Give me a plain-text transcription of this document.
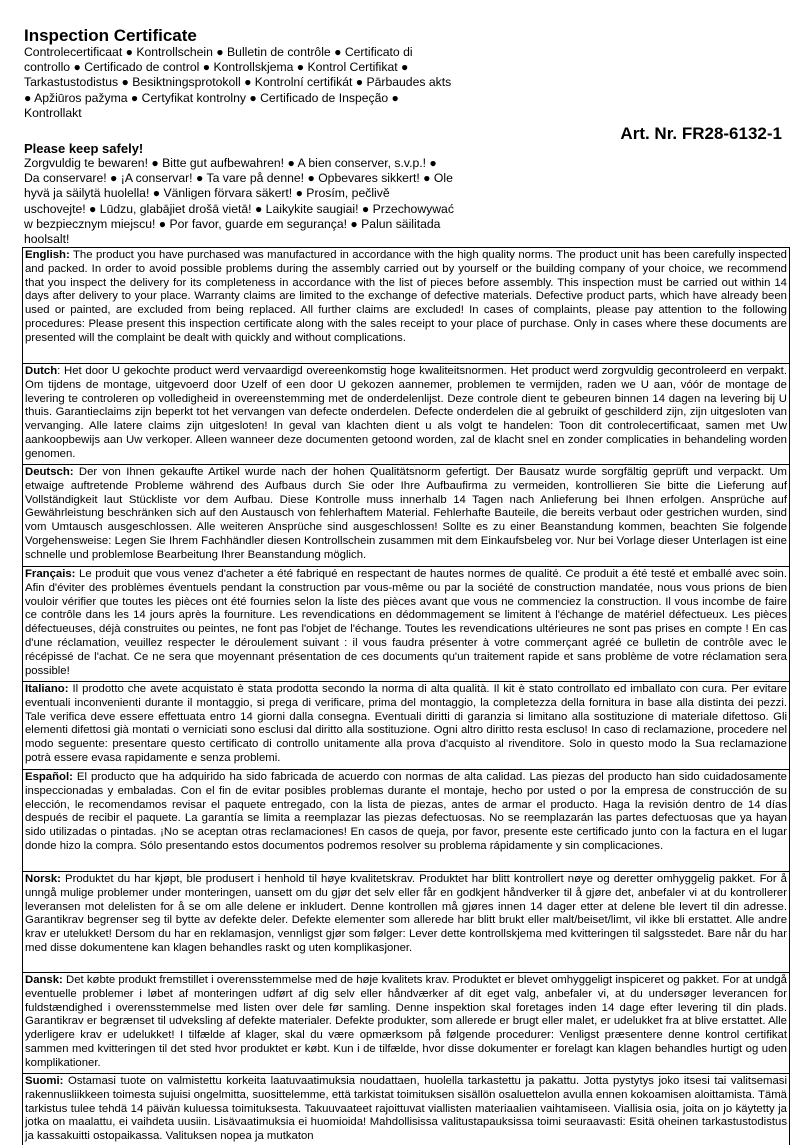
Inspection Certificate
Controlecertificaat ● Kontrollschein ● Bulletin de contrôle ● Certificato di controllo ● Certificado de control ● Kontrollskjema ● Kontrol Certifikat ● Tarkastustodistus ● Besiktningsprotokoll ● Kontrolní certifikát ● Pārbaudes akts ● Apžiūros pažyma ● Certyfikat kontrolny ● Certificado de Inspeção ● Kontrollakt
Art. Nr. FR28-6132-1
Please keep safely!
Zorgvuldig te bewaren! ● Bitte gut aufbewahren! ● A bien conserver, s.v.p.! ● Da conservare! ● ¡A conservar! ● Ta vare på denne! ● Opbevares sikkert! ● Ole hyvä ja säilytä huolella! ● Vänligen förvara säkert! ● Prosím, pečlivě uschovejte! ● Lūdzu, glabājiet drošā vietā! ● Laikykite saugiai! ● Przechowywać w bezpiecznym miejscu! ● Por favor, guarde em segurança! ● Palun säilitada hoolsalt!
English: The product you have purchased was manufactured in accordance with the high quality norms. The product unit has been carefully inspected and packed. In order to avoid possible problems during the assembly carried out by yourself or the building company of your choice, we recommend that you inspect the delivery for its completeness in accordance with the list of pieces before assembly. This inspection must be carried out within 14 days after delivery to your place. Warranty claims are limited to the exchange of defective materials. Defective product parts, which have already been used or painted, are excluded from being replaced. All further claims are excluded! In cases of complaints, please pay attention to the following procedures: Please present this inspection certificate along with the sales receipt to your place of purchase. Only in cases where these documents are presented will the complaint be dealt with quickly and without complications.
Dutch: Het door U gekochte product werd vervaardigd overeenkomstig hoge kwaliteitsnormen. Het product werd zorgvuldig gecontroleerd en verpakt. Om tijdens de montage, uitgevoerd door Uzelf of een door U gekozen aannemer, problemen te vermijden, raden we U aan, vóór de montage de levering te controleren op volledigheid in overeenstemming met de onderdelenlijst. Deze controle dient te gebeuren binnen 14 dagen na levering bij U thuis. Garantieclaims zijn beperkt tot het vervangen van defecte onderdelen. Defecte onderdelen die al gebruikt of geschilderd zijn, zijn uitgesloten van vervanging. Alle latere claims zijn uitgesloten! In geval van klachten dient u als volgt te handelen: Toon dit controlecertificaat, samen met Uw aankoopbewijs aan Uw verkoper. Alleen wanneer deze documenten getoond worden, zal de klacht snel en zonder complicaties in behandeling worden genomen.
Deutsch: Der von Ihnen gekaufte Artikel wurde nach der hohen Qualitätsnorm gefertigt. Der Bausatz wurde sorgfältig geprüft und verpackt. Um etwaige auftretende Probleme während des Aufbaus durch Sie oder Ihre Aufbaufirma zu vermeiden, kontrollieren Sie bitte die Lieferung auf Vollständigkeit laut Stückliste vor dem Aufbau. Diese Kontrolle muss innerhalb 14 Tagen nach Anlieferung bei Ihnen erfolgen. Ansprüche auf Gewährleistung beschränken sich auf den Austausch von fehlerhaftem Material. Fehlerhafte Bauteile, die bereits verbaut oder gestrichen wurden, sind vom Umtausch ausgeschlossen. Alle weiteren Ansprüche sind ausgeschlossen! Sollte es zu einer Beanstandung kommen, beachten Sie folgende Vorgehensweise: Legen Sie Ihrem Fachhändler diesen Kontrollschein zusammen mit dem Einkaufsbeleg vor. Nur bei Vorlage dieser Unterlagen ist eine schnelle und problemlose Bearbeitung Ihrer Beanstandung möglich.
Français: Le produit que vous venez d'acheter a été fabriqué en respectant de hautes normes de qualité. Ce produit a été testé et emballé avec soin. Afin d'éviter des problèmes éventuels pendant la construction par vous-même ou par la société de construction mandatée, nous vous prions de bien vouloir vérifier que toutes les pièces ont été fournies selon la liste des pièces avant que vous ne commenciez la construction. Il vous incombe de faire ce contrôle dans les 14 jours après la fourniture. Les revendications en dédommagement se limitent à l'échange de matériel défectueux. Les pièces défectueuses, déjà construites ou peintes, ne font pas l'objet de l'échange. Toutes les revendications ultérieures ne sont pas prises en compte ! En cas d'une réclamation, veuillez respecter le déroulement suivant : il vous faudra présenter à votre commerçant agréé ce bulletin de contrôle avec le récépissé de l'achat. Ce ne sera que moyennant présentation de ces documents qu'un traitement rapide et sans problème de votre réclamation sera possible!
Italiano: Il prodotto che avete acquistato è stata prodotta secondo la norma di alta qualità. Il kit è stato controllato ed imballato con cura. Per evitare eventuali inconvenienti durante il montaggio, si prega di verificare, prima del montaggio, la completezza della fornitura in base alla distinta dei pezzi. Tale verifica deve essere effettuata entro 14 giorni dalla consegna. Eventuali diritti di garanzia si limitano alla sostituzione di materiale difettoso. Gli elementi difettosi già montati o verniciati sono esclusi dal diritto alla sostituzione. Ogni altro diritto resta escluso! In caso di reclamazione, procedere nel modo seguente: presentare questo certificato di controllo unitamente alla prova d'acquisto al rivenditore. Solo in questo modo la Sua reclamazione potrà essere evasa rapidamente e senza problemi.
Español: El producto que ha adquirido ha sido fabricada de acuerdo con normas de alta calidad. Las piezas del producto han sido cuidadosamente inspeccionadas y embaladas. Con el fin de evitar posibles problemas durante el montaje, hecho por usted o por la empresa de construcción de su elección, le recomendamos revisar el paquete entregado, con la lista de piezas, antes de armar el producto. Haga la revisión dentro de 14 días después de recibir el paquete. La garantía se limita a reemplazar las piezas defectuosas. No se reemplazarán las partes defectuosas que ya hayan sido utilizadas o pintadas. ¡No se aceptan otras reclamaciones! En casos de queja, por favor, presente este certificado junto con la factura en el lugar donde hizo la compra. Sólo presentando estos documentos podremos resolver su problema rápidamente y sin complicaciones.
Norsk: Produktet du har kjøpt, ble produsert i henhold til høye kvalitetskrav. Produktet har blitt kontrollert nøye og deretter omhyggelig pakket. For å unngå mulige problemer under monteringen, uansett om du gjør det selv eller får en godkjent håndverker til å gjøre det, anbefaler vi at du kontrollerer leveransen mot delelisten for å se om alle delene er inkludert. Denne kontrollen må gjøres innen 14 dager etter at delene ble levert til din adresse. Garantikrav begrenser seg til bytte av defekte deler. Defekte elementer som allerede har blitt brukt eller malt/beiset/limt, vil ikke bli erstattet. Alle andre krav er utelukket! Dersom du har en reklamasjon, vennligst gjør som følger: Lever dette kontrollskjema med kvitteringen til salgsstedet. Bare når du har med disse dokumentene kan klagen behandles raskt og uten komplikasjoner.
Dansk: Det købte produkt fremstillet i overensstemmelse med de høje kvalitets krav. Produktet er blevet omhyggeligt inspiceret og pakket. For at undgå eventuelle problemer i løbet af monteringen udført af dig selv eller håndværker af dit eget valg, anbefaler vi, at du undersøger leverancen for fuldstændighed i overensstemmelse med listen over dele før samling. Denne inspektion skal foretages inden 14 dage efter levering til din plads. Garantikrav er begrænset til udveksling af defekte materialer. Defekte produkter, som allerede er brugt eller malet, er udelukket fra at blive erstattet. Alle yderligere krav er udelukket! I tilfælde af klager, skal du være opmærksom på følgende procedurer: Venligst præsentere denne kontrol certifikat sammen med kvitteringen til det sted hvor produktet er købt. Kun i de tilfælde, hvor disse dokumenter er forelagt kan klagen behandles hurtigt og uden komplikationer.
Suomi: Ostamasi tuote on valmistettu korkeita laatuvaatimuksia noudattaen, huolella tarkastettu ja pakattu. Jotta pystytys joko itsesi tai valitsemasi rakennusliikkeen toimesta sujuisi ongelmitta, suosittelemme, että tarkistat toimituksen sisällön osaluettelon avulla ennen kokoamisen aloittamista. Tämä tarkistus tulee tehdä 14 päivän kuluessa toimituksesta. Takuuvaateet rajoittuvat viallisten materiaalien vaihtamiseen. Viallisia osia, joita on jo käytetty ja jotka on maalattu, ei vaihdeta uusiin. Lisävaatimuksia ei huomioida! Mahdollisissa valitustapauksissa toimi seuraavasti: Esitä oheinen tarkastustodistus ja kassakuitti ostopaikassa. Valituksen nopea ja mutkaton
